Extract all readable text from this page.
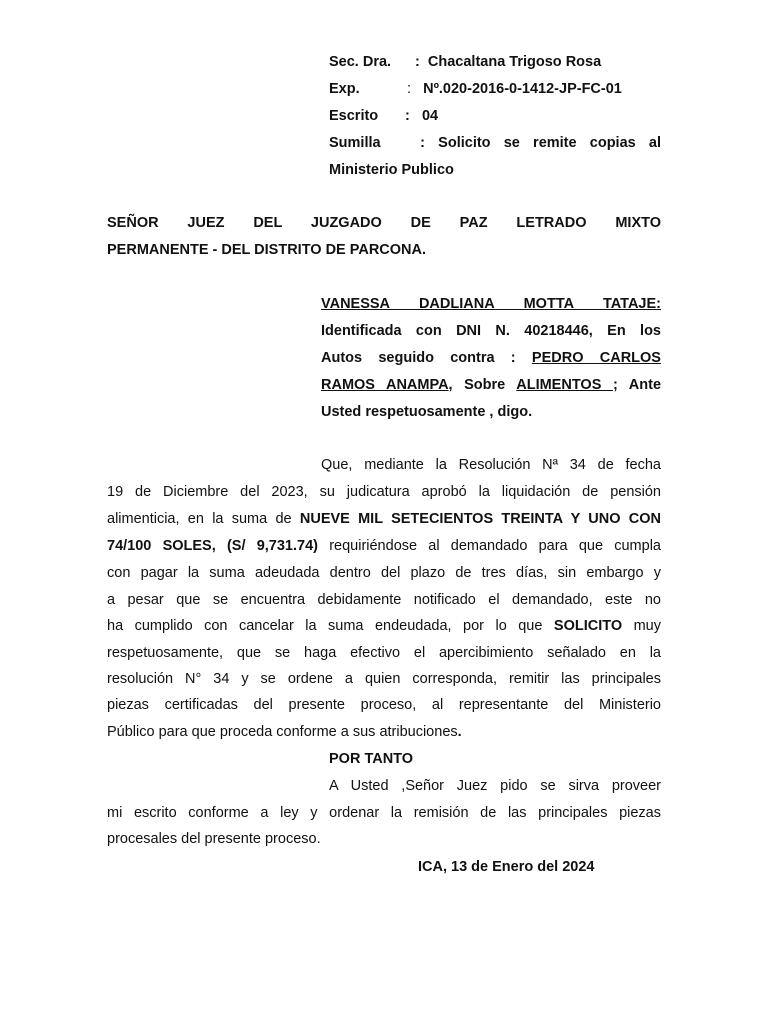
Sec. Dra. : Chacaltana Trigoso Rosa
Exp.	: Nº.020-2016-0-1412-JP-FC-01
Escrito : 04
Sumilla	: Solicito se remite copias al
Ministerio Publico
SEÑOR JUEZ DEL JUZGADO DE PAZ LETRADO MIXTO
PERMANENTE - DEL DISTRITO DE PARCONA.
VANESSA DADLIANA MOTTA TATAJE:
Identificada con DNI N. 40218446, En los
Autos seguido contra : PEDRO CARLOS
RAMOS ANAMPA, Sobre ALIMENTOS ; Ante
Usted respetuosamente , digo.
Que, mediante la Resolución Nª 34 de fecha
19 de Diciembre del 2023, su judicatura aprobó la liquidación de pensión
alimenticia, en la suma de NUEVE MIL SETECIENTOS TREINTA Y UNO CON
74/100 SOLES, (S/ 9,731.74) requiriéndose al demandado para que cumpla
con pagar la suma adeudada dentro del plazo de tres días, sin embargo y
a pesar que se encuentra debidamente notificado el demandado, este no
ha cumplido con cancelar la suma endeudada, por lo que SOLICITO muy
respetuosamente, que se haga efectivo el apercibimiento señalado en la
resolución N° 34 y se ordene a quien corresponda, remitir las principales
piezas certificadas del presente proceso, al representante del Ministerio
Público para que proceda conforme a sus atribuciones.
POR TANTO
A Usted ,Señor Juez pido se sirva proveer
mi escrito conforme a ley y ordenar la remisión de las principales piezas
procesales del presente proceso.
ICA, 13 de Enero del 2024
